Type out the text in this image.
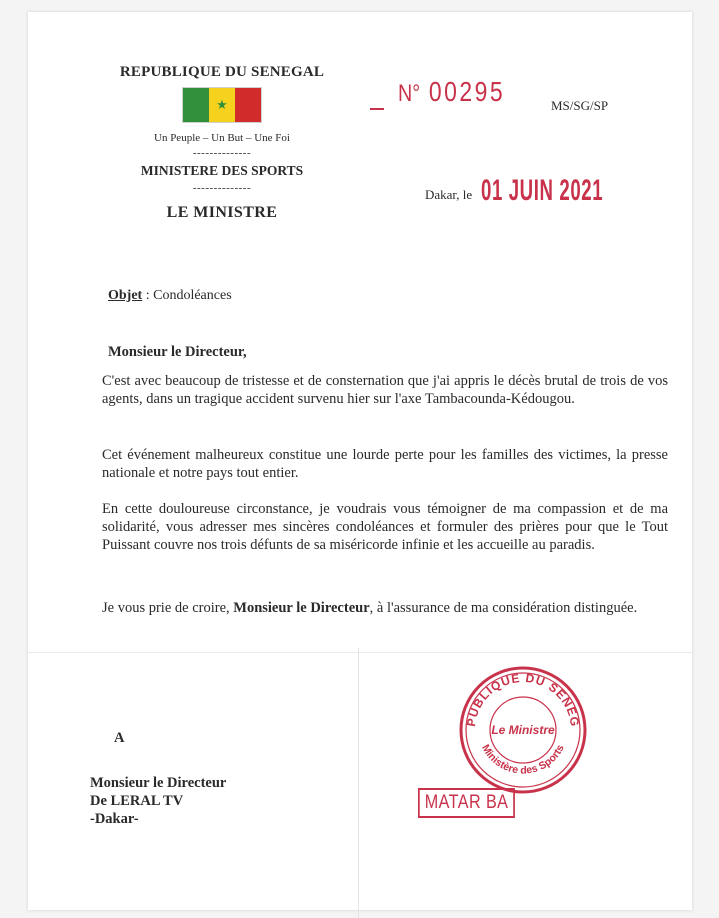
REPUBLIQUE DU SENEGAL
★
Un Peuple – Un But – Une Foi
--------------
MINISTERE DES SPORTS
--------------
LE MINISTRE
N° 00295	MS/SG/SP
Dakar, le 01 JUIN 2021
Objet : Condoléances
Monsieur le Directeur,
C'est avec beaucoup de tristesse et de consternation que j'ai appris le décès brutal de trois de vos agents, dans un tragique accident survenu hier sur l'axe Tambacounda-Kédougou.
Cet événement malheureux constitue une lourde perte pour les familles des victimes, la presse nationale et notre pays tout entier.
En cette douloureuse circonstance, je voudrais vous témoigner de ma compassion et de ma solidarité, vous adresser mes sincères condoléances et formuler des prières pour que le Tout Puissant couvre nos trois défunts de sa miséricorde infinie et les accueille au paradis.
Je vous prie de croire, Monsieur le Directeur, à l'assurance de ma considération distinguée.
A
Monsieur le Directeur
De LERAL TV
-Dakar-
PUBLIQUE DU SENEG
Ministère des Sports
Le Ministre
MATAR BA
